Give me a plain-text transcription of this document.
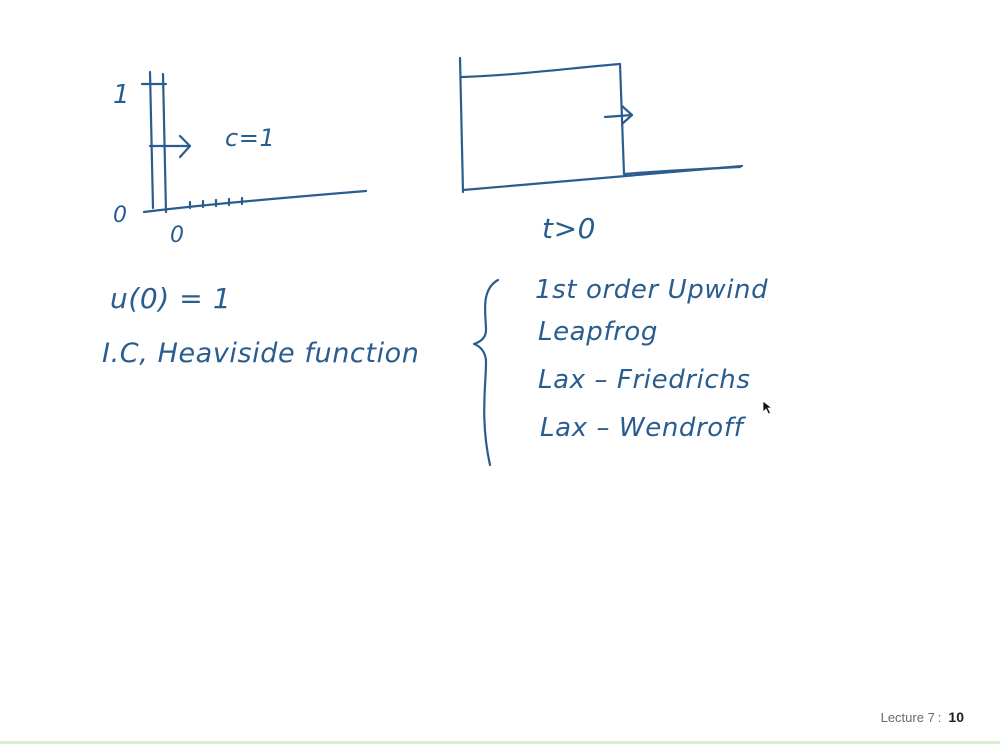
1
0
0
c=1
t>0
u(0) = 1
I.C, Heaviside function
1st order Upwind
Leapfrog
Lax – Friedrichs
Lax – Wendroff
Lecture 7 : 10
